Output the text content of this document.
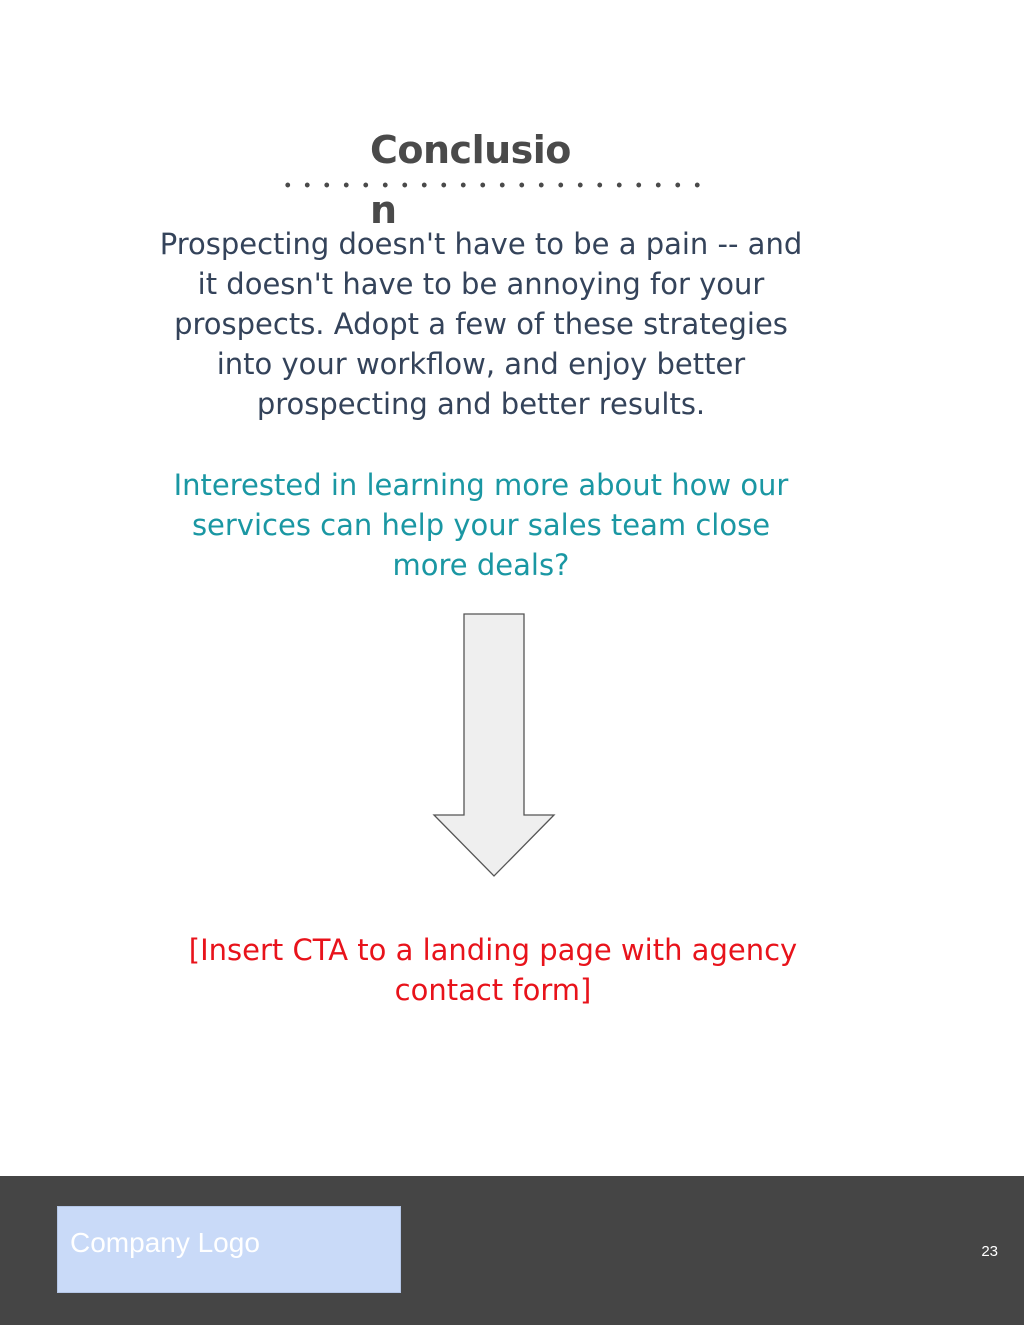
Conclusion

Prospecting doesn't have to be a pain -- and it doesn't have to be annoying for your prospects. Adopt a few of these strategies into your workflow, and enjoy better prospecting and better results.

Interested in learning more about how our services can help your sales team close more deals?

[Insert CTA to a landing page with agency contact form]

Company Logo	23
